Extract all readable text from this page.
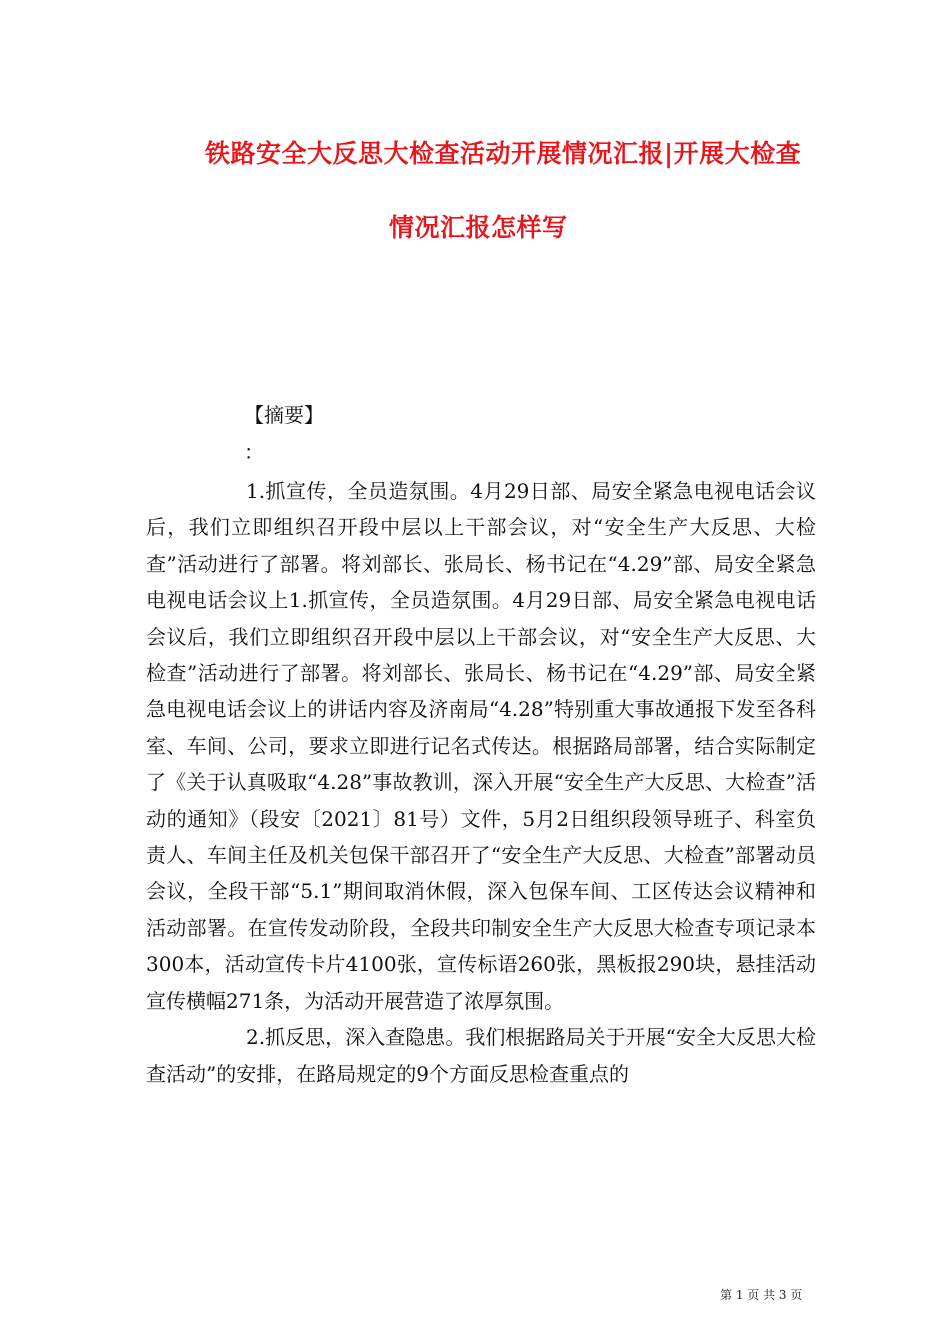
铁路安全大反思大检查活动开展情况汇报|开展大检查
情况汇报怎样写
【摘要】
：

1.抓宣传，全员造氛围。4月29日部、局安全紧急电视电话会议后，我们立即组织召开段中层以上干部会议，对“安全生产大反思、大检查”活动进行了部署。将刘部长、张局长、杨书记在“4.29”部、局安全紧急电视电话会议上1.抓宣传，全员造氛围。4月29日部、局安全紧急电视电话会议后，我们立即组织召开段中层以上干部会议，对“安全生产大反思、大检查”活动进行了部署。将刘部长、张局长、杨书记在“4.29”部、局安全紧急电视电话会议上的讲话内容及济南局“4.28”特别重大事故通报下发至各科室、车间、公司，要求立即进行记名式传达。根据路局部署，结合实际制定了《关于认真吸取“4.28”事故教训，深入开展“安全生产大反思、大检查”活动的通知》（段安〔2021〕81号）文件，5月2日组织段领导班子、科室负责人、车间主任及机关包保干部召开了“安全生产大反思、大检查”部署动员会议，全段干部“5.1”期间取消休假，深入包保车间、工区传达会议精神和活动部署。在宣传发动阶段，全段共印制安全生产大反思大检查专项记录本300本，活动宣传卡片4100张，宣传标语260张，黑板报290块，悬挂活动宣传横幅271条，为活动开展营造了浓厚氛围。

2.抓反思，深入查隐患。我们根据路局关于开展“安全大反思大检查活动”的安排，在路局规定的9个方面反思检查重点的

第 1 页 共 3 页
